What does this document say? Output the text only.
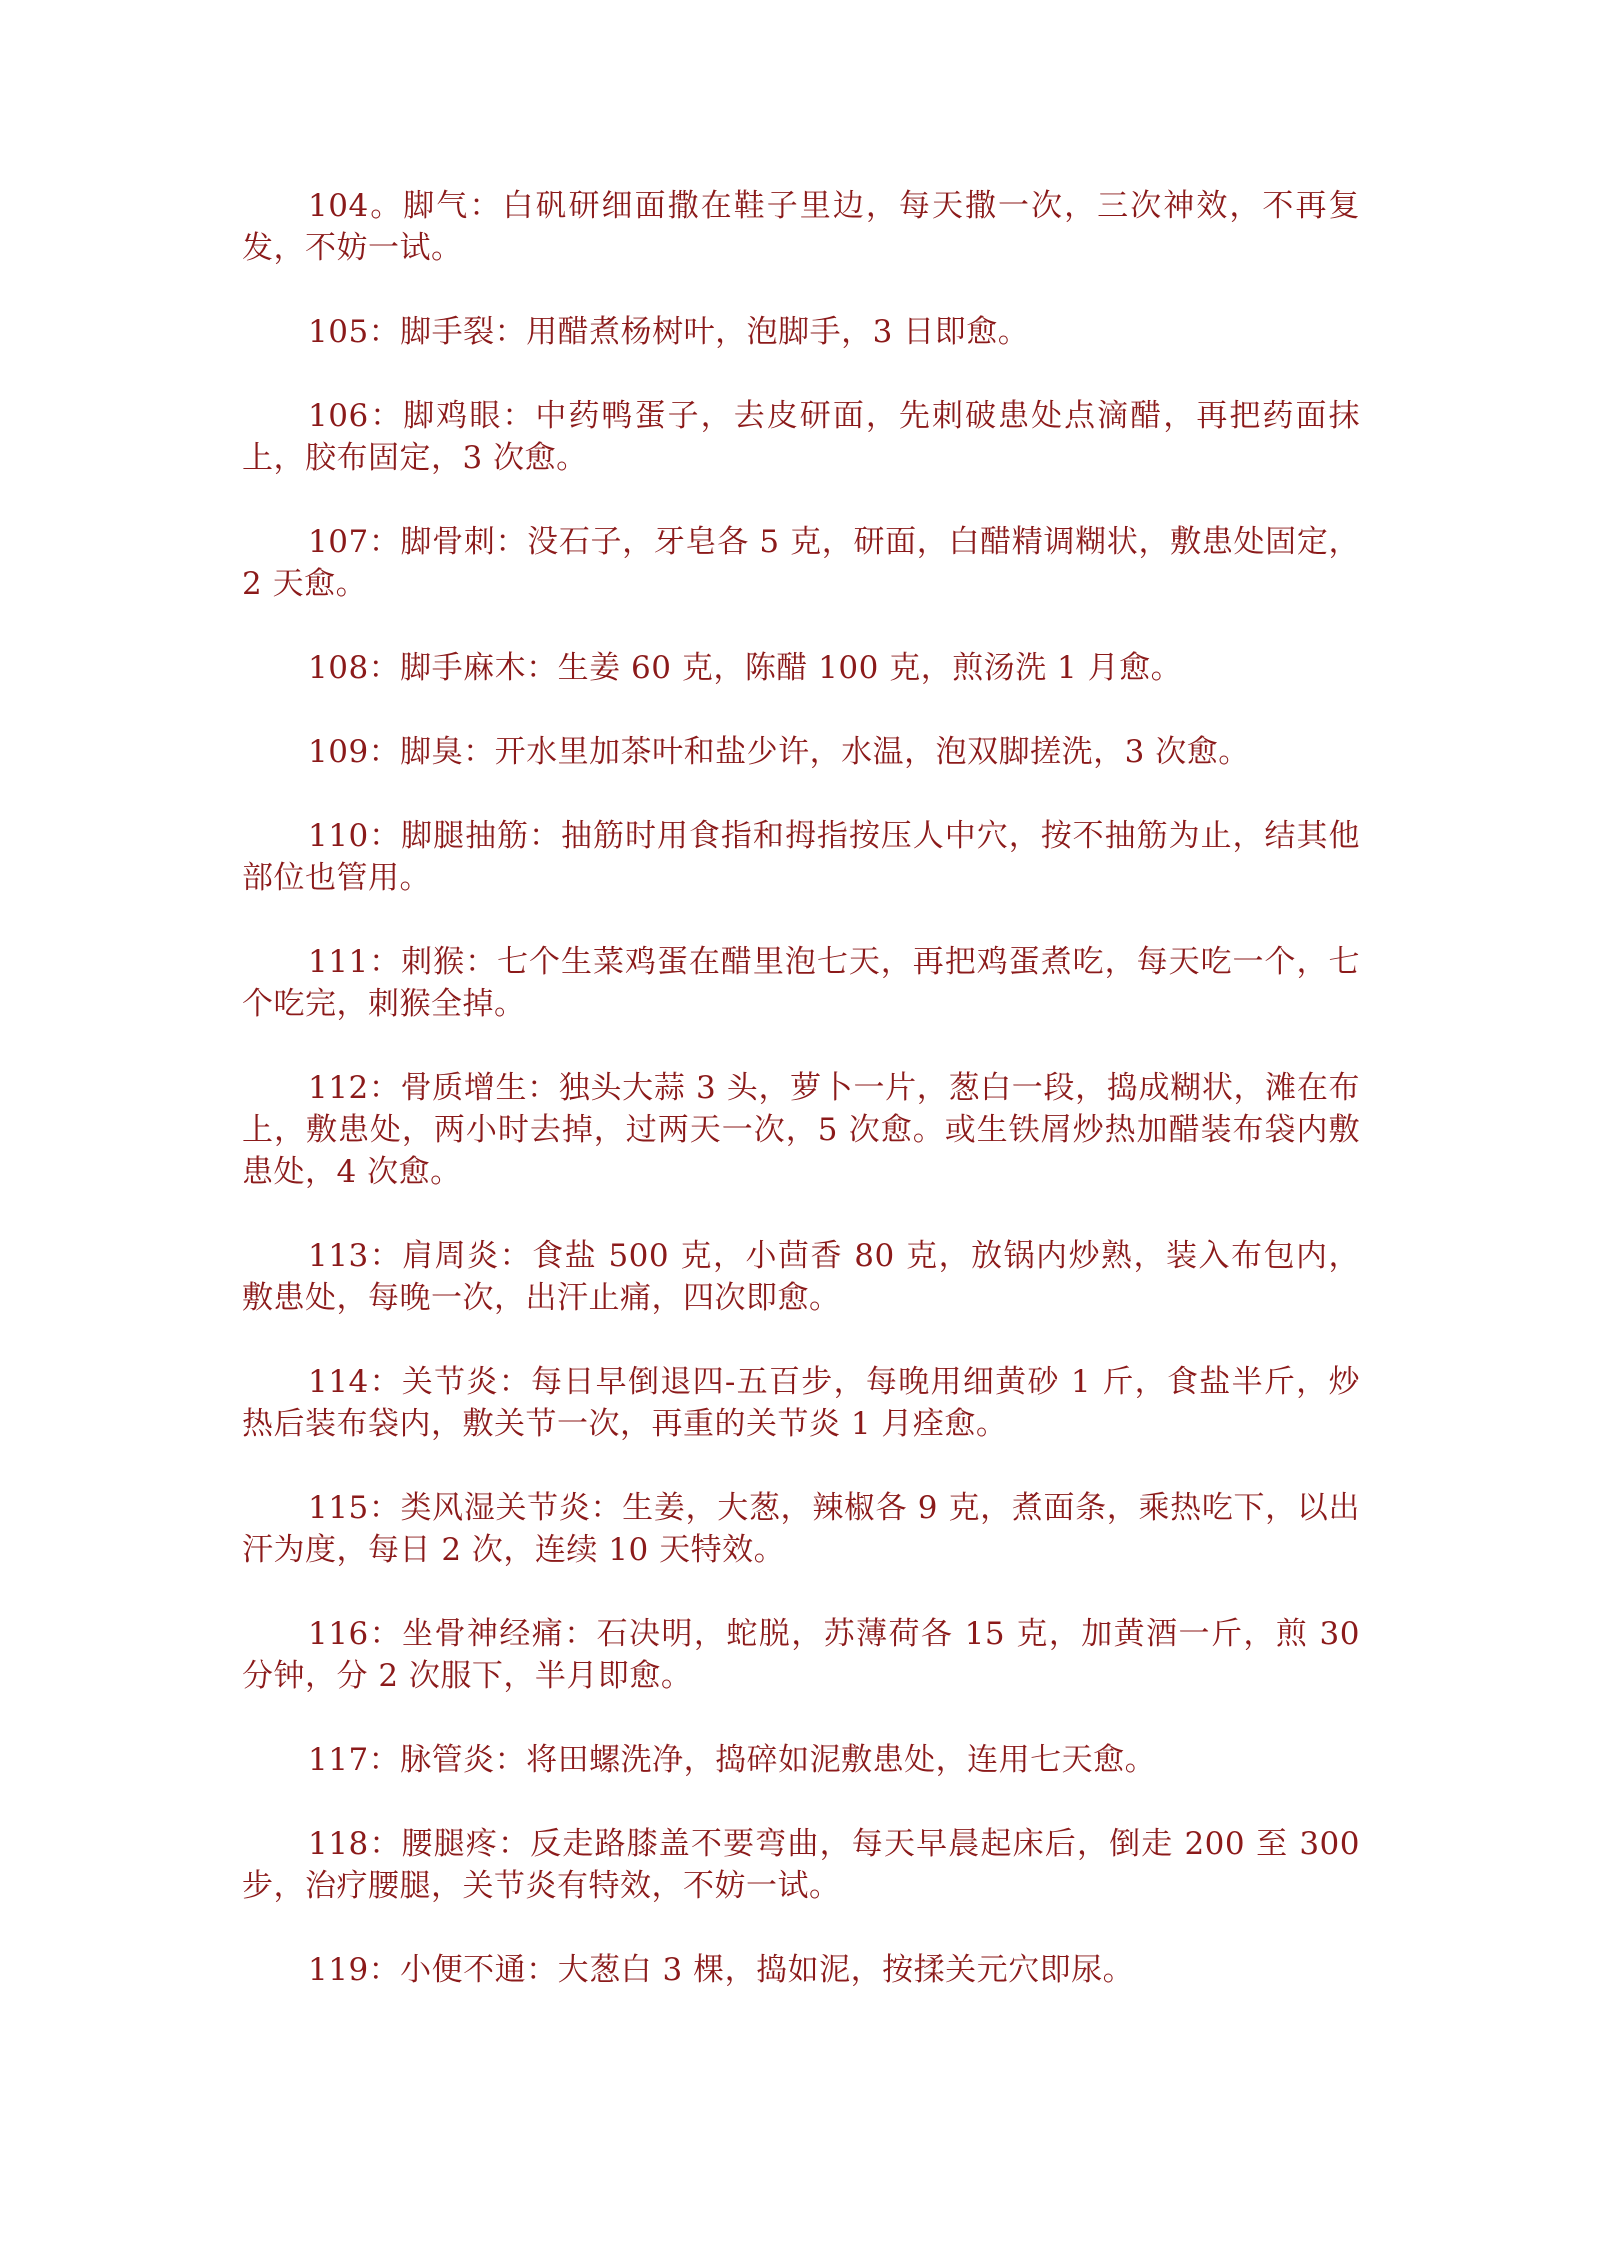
104。脚气：白矾研细面撒在鞋子里边，每天撒一次，三次神效，不再复发，不妨一试。

105：脚手裂：用醋煮杨树叶，泡脚手，3 日即愈。

106：脚鸡眼：中药鸭蛋子，去皮研面，先刺破患处点滴醋，再把药面抹上，胶布固定，3 次愈。

107：脚骨刺：没石子，牙皂各 5 克，研面，白醋精调糊状，敷患处固定，2 天愈。

108：脚手麻木：生姜 60 克，陈醋 100 克，煎汤洗 1 月愈。

109：脚臭：开水里加茶叶和盐少许，水温，泡双脚搓洗，3 次愈。

110：脚腿抽筋：抽筋时用食指和拇指按压人中穴，按不抽筋为止，结其他部位也管用。

111：刺猴：七个生菜鸡蛋在醋里泡七天，再把鸡蛋煮吃，每天吃一个，七个吃完，刺猴全掉。

112：骨质增生：独头大蒜 3 头，萝卜一片，葱白一段，捣成糊状，滩在布上，敷患处，两小时去掉，过两天一次，5 次愈。或生铁屑炒热加醋装布袋内敷患处，4 次愈。

113：肩周炎：食盐 500 克，小茴香 80 克，放锅内炒熟，装入布包内，敷患处，每晚一次，出汗止痛，四次即愈。

114：关节炎：每日早倒退四-五百步，每晚用细黄砂 1 斤，食盐半斤，炒热后装布袋内，敷关节一次，再重的关节炎 1 月痊愈。

115：类风湿关节炎：生姜，大葱，辣椒各 9 克，煮面条，乘热吃下，以出汗为度，每日 2 次，连续 10 天特效。

116：坐骨神经痛：石决明，蛇脱，苏薄荷各 15 克，加黄酒一斤，煎 30 分钟，分 2 次服下，半月即愈。

117：脉管炎：将田螺洗净，捣碎如泥敷患处，连用七天愈。

118：腰腿疼：反走路膝盖不要弯曲，每天早晨起床后，倒走 200 至 300 步，治疗腰腿，关节炎有特效，不妨一试。

119：小便不通：大葱白 3 棵，捣如泥，按揉关元穴即尿。
